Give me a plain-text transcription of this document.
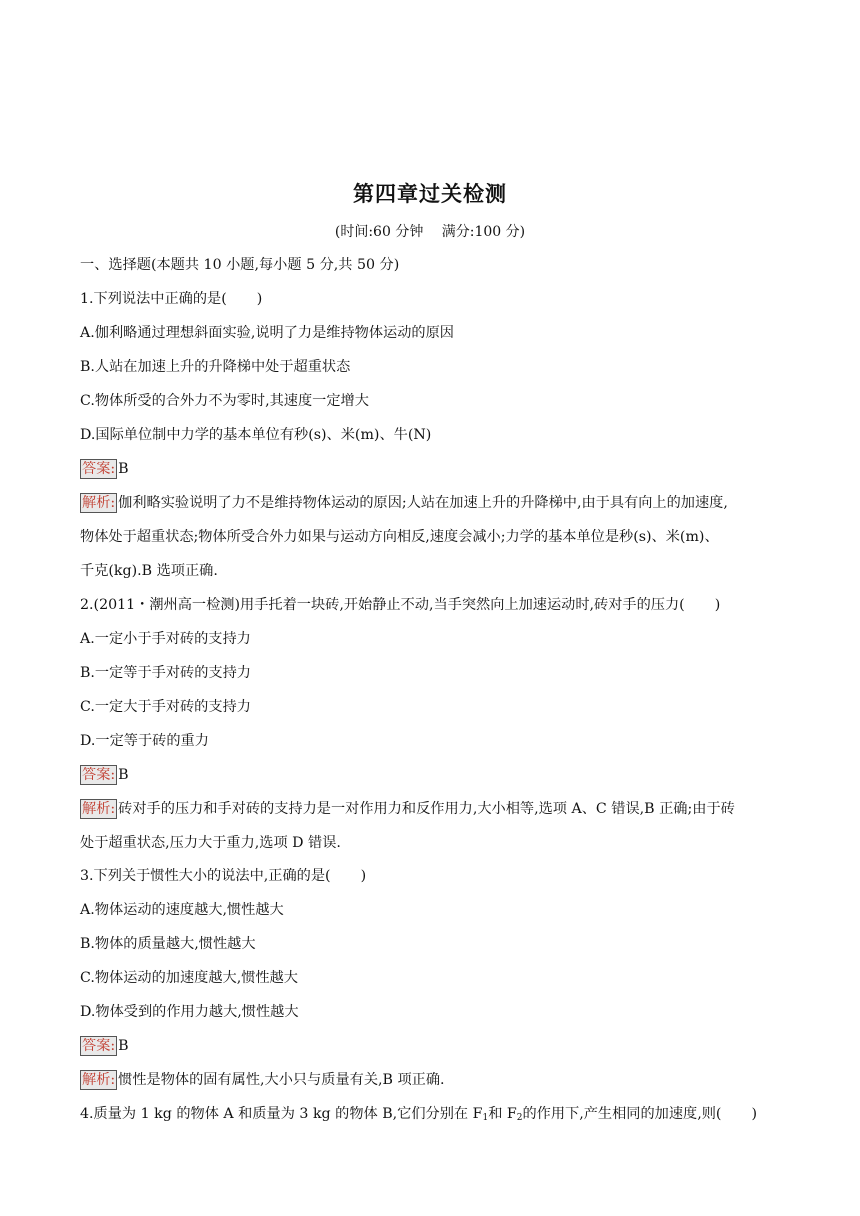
第四章过关检测
(时间:60 分钟　 满分:100 分)
一、选择题(本题共 10 小题,每小题 5 分,共 50 分)
1.下列说法中正确的是( )
A.伽利略通过理想斜面实验,说明了力是维持物体运动的原因
B.人站在加速上升的升降梯中处于超重状态
C.物体所受的合外力不为零时,其速度一定增大
D.国际单位制中力学的基本单位有秒(s)、米(m)、牛(N)
答案: B
解析: 伽利略实验说明了力不是维持物体运动的原因;人站在加速上升的升降梯中,由于具有向上的加速度,
物体处于超重状态;物体所受合外力如果与运动方向相反,速度会减小;力学的基本单位是秒(s)、米(m)、
千克(kg).B 选项正确.
2.(2011・潮州高一检测)用手托着一块砖,开始静止不动,当手突然向上加速运动时,砖对手的压力( )
A.一定小于手对砖的支持力
B.一定等于手对砖的支持力
C.一定大于手对砖的支持力
D.一定等于砖的重力
答案: B
解析: 砖对手的压力和手对砖的支持力是一对作用力和反作用力,大小相等,选项 A、C 错误,B 正确;由于砖
处于超重状态,压力大于重力,选项 D 错误.
3.下列关于惯性大小的说法中,正确的是( )
A.物体运动的速度越大,惯性越大
B.物体的质量越大,惯性越大
C.物体运动的加速度越大,惯性越大
D.物体受到的作用力越大,惯性越大
答案: B
解析: 惯性是物体的固有属性,大小只与质量有关,B 项正确.
4.质量为 1 kg 的物体 A 和质量为 3 kg 的物体 B,它们分别在 $F_1$和 $F_2$的作用下,产生相同的加速度,则( )
